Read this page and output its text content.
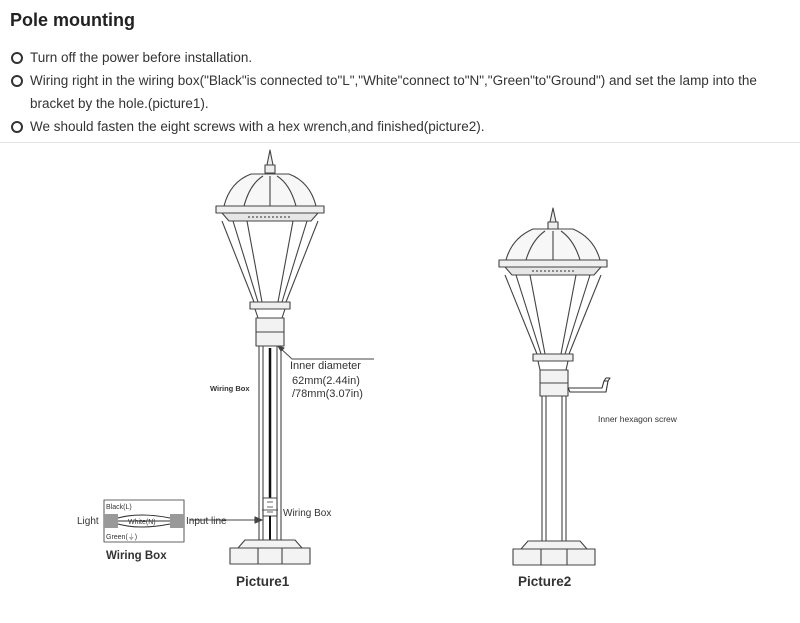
Pole mounting
Turn off the power before installation.
Wiring right in the wiring box("Black"is connected to"L","White"connect to"N","Green"to"Ground") and set the lamp into the bracket by the hole.(picture1).
We should fasten the eight screws with a hex wrench,and finished(picture2).
Inner diameter
62mm(2.44in)
/78mm(3.07in)
Wiring Box
Wiring Box
Input line
Light
Black(L)
White(N)
Green(⏚)
Wiring Box
Picture1
Inner hexagon screw
Picture2
